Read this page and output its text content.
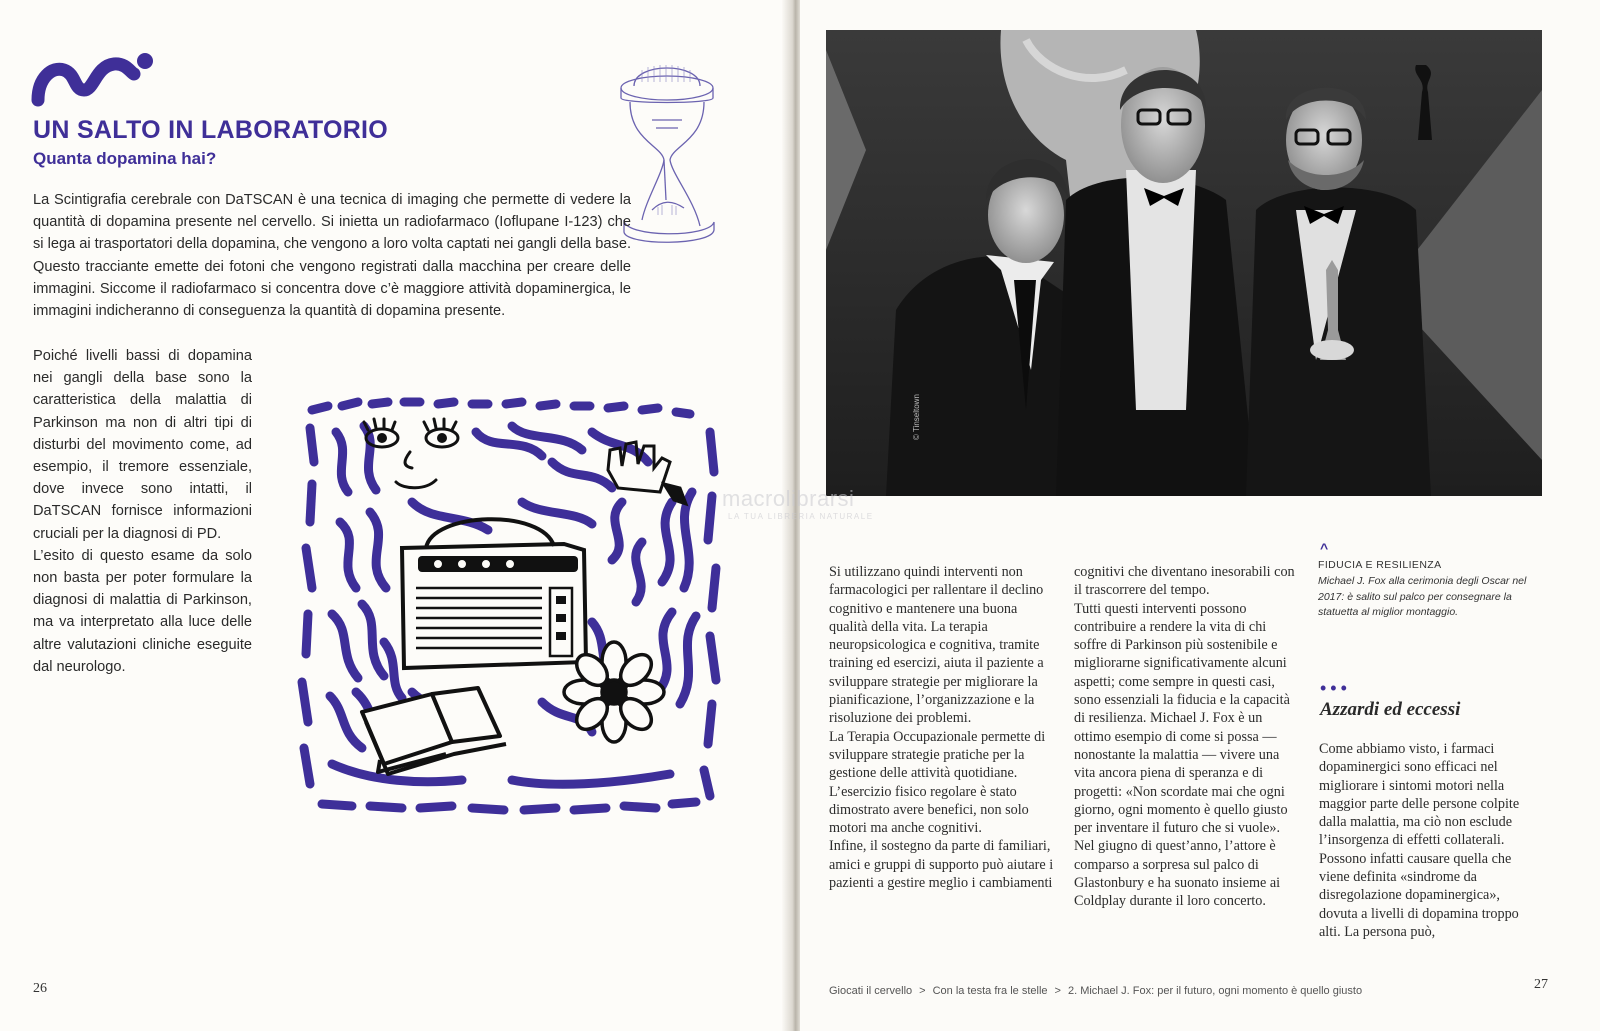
UN SALTO IN LABORATORIO
Quanta dopamina hai?

La Scintigrafia cerebrale con DaTSCAN è una tecnica di imaging che permette di vedere la quantità di dopamina presente nel cervello. Si inietta un radiofarmaco (Ioflupane I-123) che si lega ai trasportatori della dopamina, che vengono a loro volta captati nei gangli della base. Questo tracciante emette dei fotoni che vengono registrati dalla macchina per creare delle immagini. Siccome il radiofarmaco si concentra dove c’è maggiore attività dopaminergica, le immagini indicheranno di conseguenza la quantità di dopamina presente.

Poiché livelli bassi di dopamina nei gangli della base sono la caratteristica della malattia di Parkinson ma non di altri tipi di disturbi del movimento come, ad esempio, il tremore essenziale, dove invece sono intatti, il DaTSCAN fornisce informazioni cruciali per la diagnosi di PD.

L’esito di questo esame da solo non basta per poter formulare la diagnosi di malattia di Parkinson, ma va interpretato alla luce delle altre valutazioni cliniche eseguite dal neurologo.

26	27
© Tinseltown
macrolibrarsi
LA TUA LIBRERIA NATURALE

Si utilizzano quindi interventi non farmacologici per rallentare il declino cognitivo e mantenere una buona qualità della vita. La terapia neuropsicologica e cognitiva, tramite training ed esercizi, aiuta il paziente a sviluppare strategie per migliorare la pianificazione, l’organizzazione e la risoluzione dei problemi.

La Terapia Occupazionale permette di sviluppare strategie pratiche per la gestione delle attività quotidiane. L’esercizio fisico regolare è stato dimostrato avere benefici, non solo motori ma anche cognitivi.

Infine, il sostegno da parte di familiari, amici e gruppi di supporto può aiutare i pazienti a gestire meglio i cambiamenti

cognitivi che diventano inesorabili con il trascorrere del tempo.

Tutti questi interventi possono contribuire a rendere la vita di chi soffre di Parkinson più sostenibile e migliorarne significativamente alcuni aspetti; come sempre in questi casi, sono essenziali la fiducia e la capacità di resilienza. Michael J. Fox è un ottimo esempio di come si possa — nonostante la malattia — vivere una vita ancora piena di speranza e di progetti: «Non scordate mai che ogni giorno, ogni momento è quello giusto per inventare il futuro che si vuole».

Nel giugno di quest’anno, l’attore è comparso a sorpresa sul palco di Glastonbury e ha suonato insieme ai Coldplay durante il loro concerto.

^
FIDUCIA E RESILIENZA
Michael J. Fox alla cerimonia degli Oscar nel 2017: è salito sul palco per consegnare la statuetta al miglior montaggio.
•••
Azzardi ed eccessi

Come abbiamo visto, i farmaci dopaminergici sono efficaci nel migliorare i sintomi motori nella maggior parte delle persone colpite dalla malattia, ma ciò non esclude l’insorgenza di effetti collaterali. Possono infatti causare quella che viene definita «sindrome da disregolazione dopaminergica», dovuta a livelli di dopamina troppo alti. La persona può,

Giocati il cervello > Con la testa fra le stelle > 2. Michael J. Fox: per il futuro, ogni momento è quello giusto
